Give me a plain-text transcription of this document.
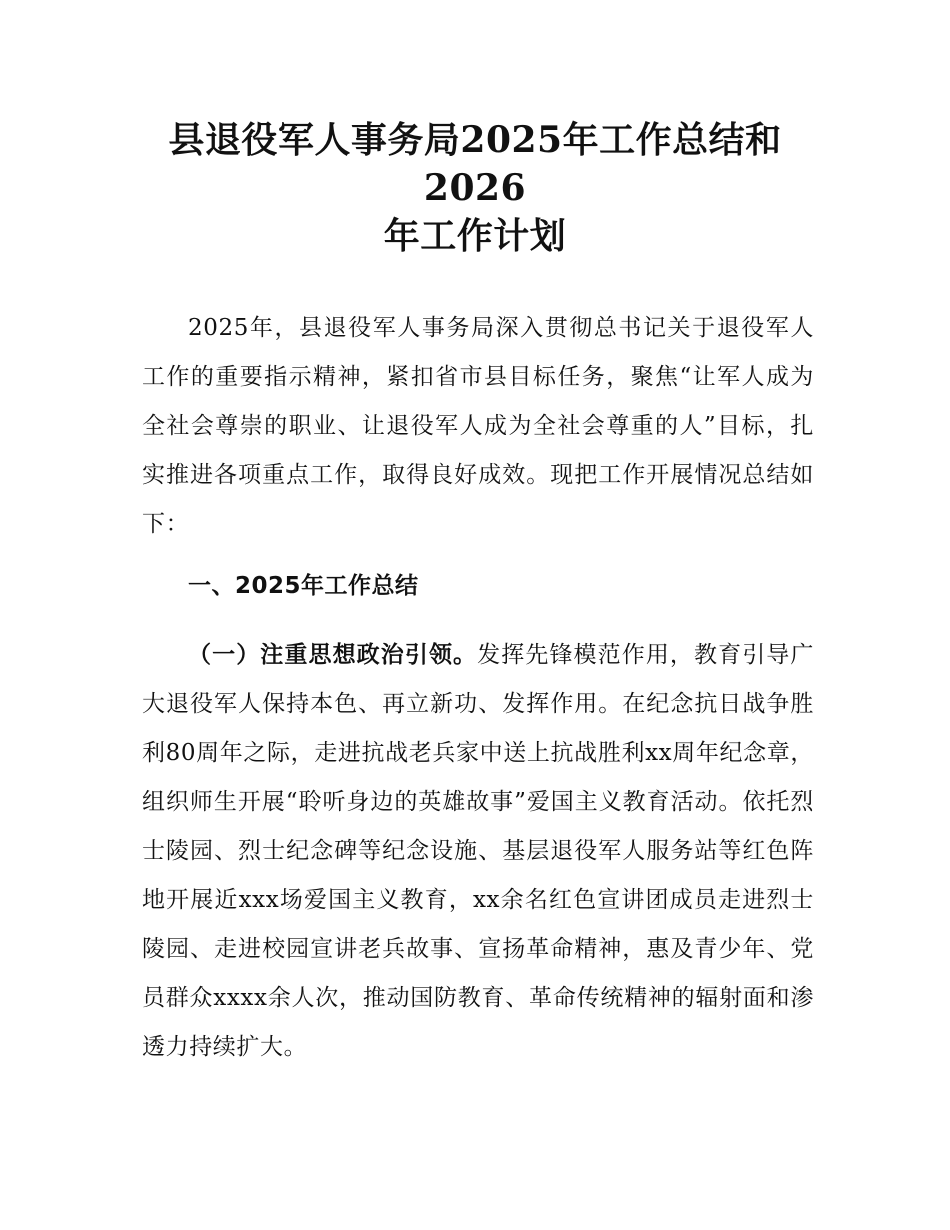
县退役军人事务局2025年工作总结和2026
年工作计划

2025年，县退役军人事务局深入贯彻总书记关于退役军人工作的重要指示精神，紧扣省市县目标任务，聚焦“让军人成为全社会尊崇的职业、让退役军人成为全社会尊重的人”目标，扎实推进各项重点工作，取得良好成效。现把工作开展情况总结如下：

一、2025年工作总结

（一）注重思想政治引领。发挥先锋模范作用，教育引导广大退役军人保持本色、再立新功、发挥作用。在纪念抗日战争胜利80周年之际，走进抗战老兵家中送上抗战胜利xx周年纪念章，组织师生开展“聆听身边的英雄故事”爱国主义教育活动。依托烈士陵园、烈士纪念碑等纪念设施、基层退役军人服务站等红色阵地开展近xxx场爱国主义教育，xx余名红色宣讲团成员走进烈士陵园、走进校园宣讲老兵故事、宣扬革命精神，惠及青少年、党员群众xxxx余人次，推动国防教育、革命传统精神的辐射面和渗透力持续扩大。
